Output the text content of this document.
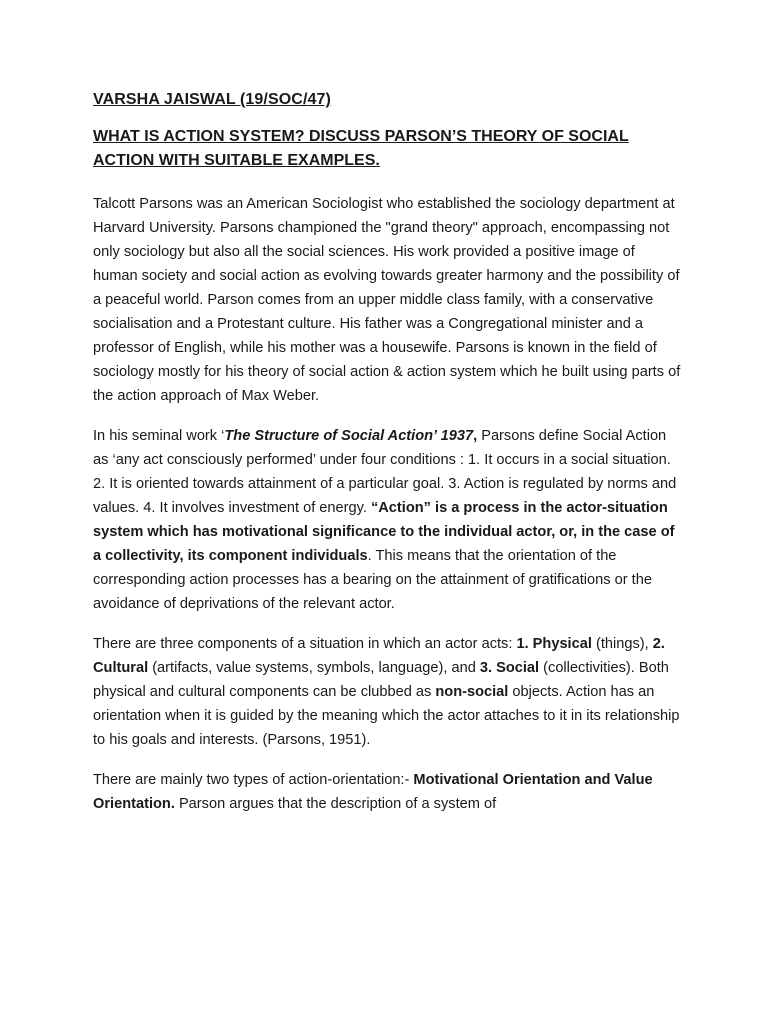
VARSHA JAISWAL (19/SOC/47)
WHAT IS ACTION SYSTEM? DISCUSS PARSON’S THEORY OF SOCIAL ACTION WITH SUITABLE EXAMPLES.

Talcott Parsons was an American Sociologist who established the sociology department at Harvard University. Parsons championed the "grand theory" approach, encompassing not only sociology but also all the social sciences. His work provided a positive image of human society and social action as evolving towards greater harmony and the possibility of a peaceful world. Parson comes from an upper middle class family, with a conservative socialisation and a Protestant culture. His father was a Congregational minister and a professor of English, while his mother was a housewife. Parsons is known in the field of sociology mostly for his theory of social action & action system which he built using parts of the action approach of Max Weber.

In his seminal work ‘The Structure of Social Action’ 1937, Parsons define Social Action as ‘any act consciously performed’ under four conditions : 1. It occurs in a social situation. 2. It is oriented towards attainment of a particular goal. 3. Action is regulated by norms and values. 4. It involves investment of energy. “Action” is a process in the actor-situation system which has motivational significance to the individual actor, or, in the case of a collectivity, its component individuals. This means that the orientation of the corresponding action processes has a bearing on the attainment of gratifications or the avoidance of deprivations of the relevant actor.

There are three components of a situation in which an actor acts: 1. Physical (things), 2. Cultural (artifacts, value systems, symbols, language), and 3. Social (collectivities). Both physical and cultural components can be clubbed as non-social objects. Action has an orientation when it is guided by the meaning which the actor attaches to it in its relationship to his goals and interests. (Parsons, 1951).

There are mainly two types of action-orientation:- Motivational Orientation and Value Orientation. Parson argues that the description of a system of
